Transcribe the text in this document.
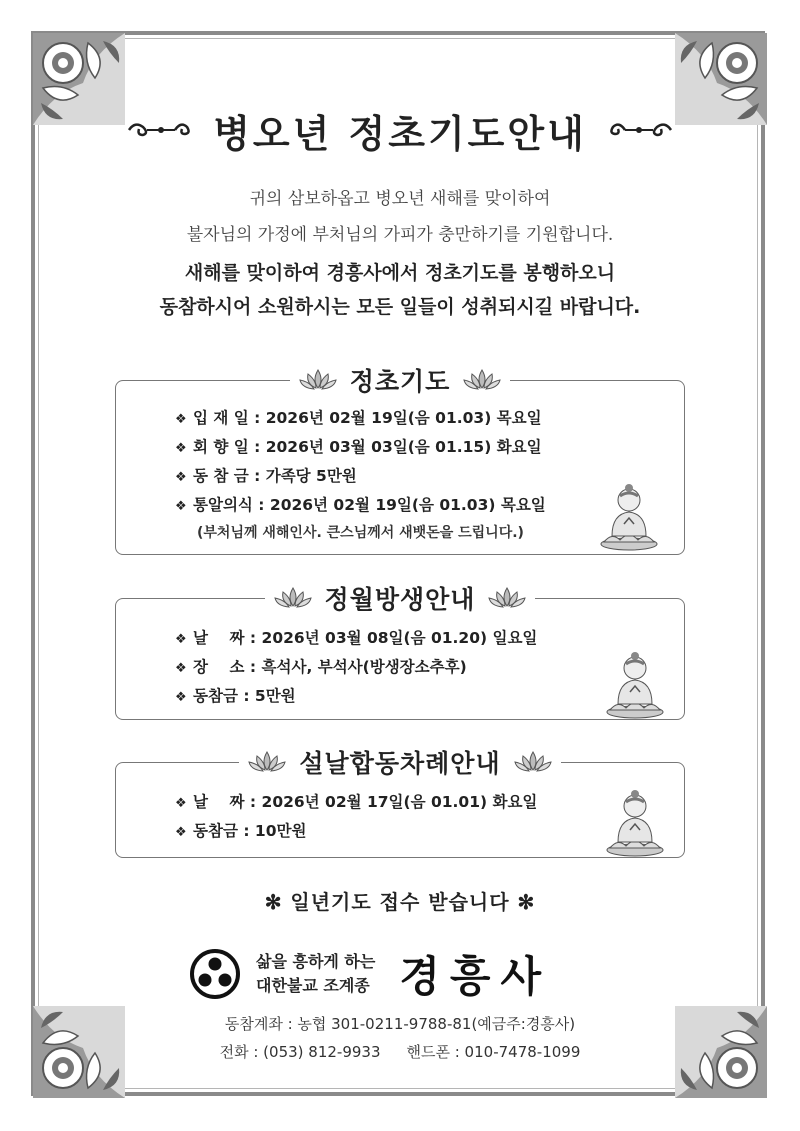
병오년 정초기도안내
귀의 삼보하옵고 병오년 새해를 맞이하여
불자님의 가정에 부처님의 가피가 충만하기를 기원합니다.
새해를 맞이하여 경흥사에서 정초기도를 봉행하오니
동참하시어 소원하시는 모든 일들이 성취되시길 바랍니다.
정초기도
❖ 입 재 일 : 2026년 02월 19일(음 01.03) 목요일
❖ 회 향 일 : 2026년 03월 03일(음 01.15) 화요일
❖ 동 참 금 : 가족당 5만원
❖ 통알의식 : 2026년 02월 19일(음 01.03) 목요일
(부처님께 새해인사. 큰스님께서 새뱃돈을 드립니다.)
정월방생안내
❖ 날    짜 : 2026년 03월 08일(음 01.20) 일요일
❖ 장    소 : 흑석사, 부석사(방생장소추후)
❖ 동참금 : 5만원
설날합동차례안내
❖ 날    짜 : 2026년 02월 17일(음 01.01) 화요일
❖ 동참금 : 10만원
✻ 일년기도 접수 받습니다 ✻
삶을 흥하게 하는
대한불교 조계종 경흥사
동참계좌 : 농협 301-0211-9788-81(예금주:경흥사)
전화 : (053) 812-9933 핸드폰 : 010-7478-1099
